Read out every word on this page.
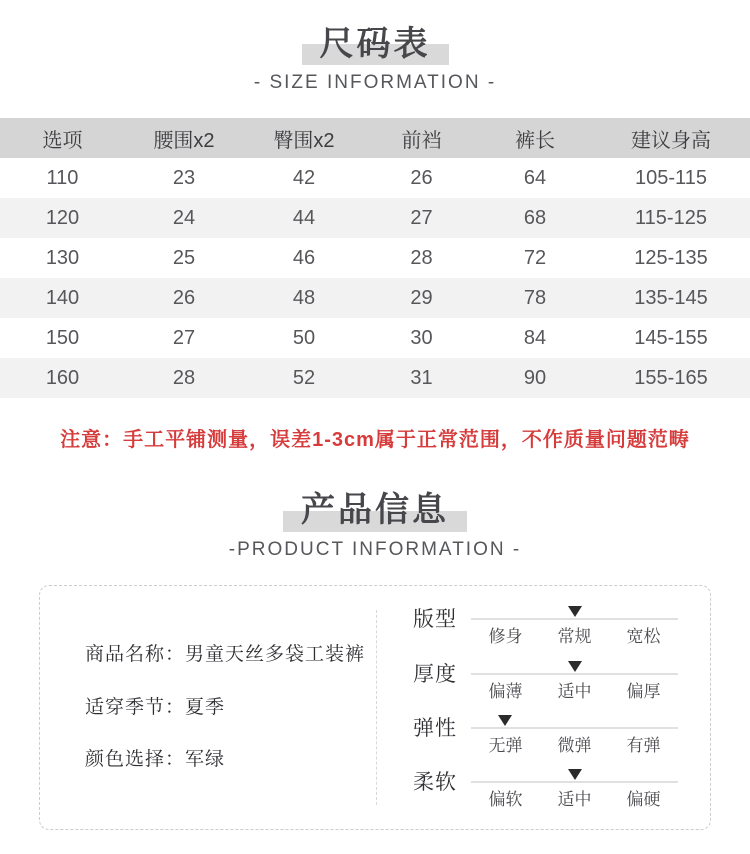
尺码表
- SIZE INFORMATION -
选项	腰围x2	臀围x2	前裆	裤长	建议身高
110	23	42	26	64	105-115
120	24	44	27	68	115-125
130	25	46	28	72	125-135
140	26	48	29	78	135-145
150	27	50	30	84	145-155
160	28	52	31	90	155-165

注意：手工平铺测量，误差1-3cm属于正常范围，不作质量问题范畴

产品信息
-PRODUCT INFORMATION -
商品名称：男童天丝多袋工装裤
适穿季节：夏季
颜色选择：军绿
版型
修身	常规	宽松
厚度
偏薄	适中	偏厚
弹性
无弹	微弹	有弹
柔软
偏软	适中	偏硬
